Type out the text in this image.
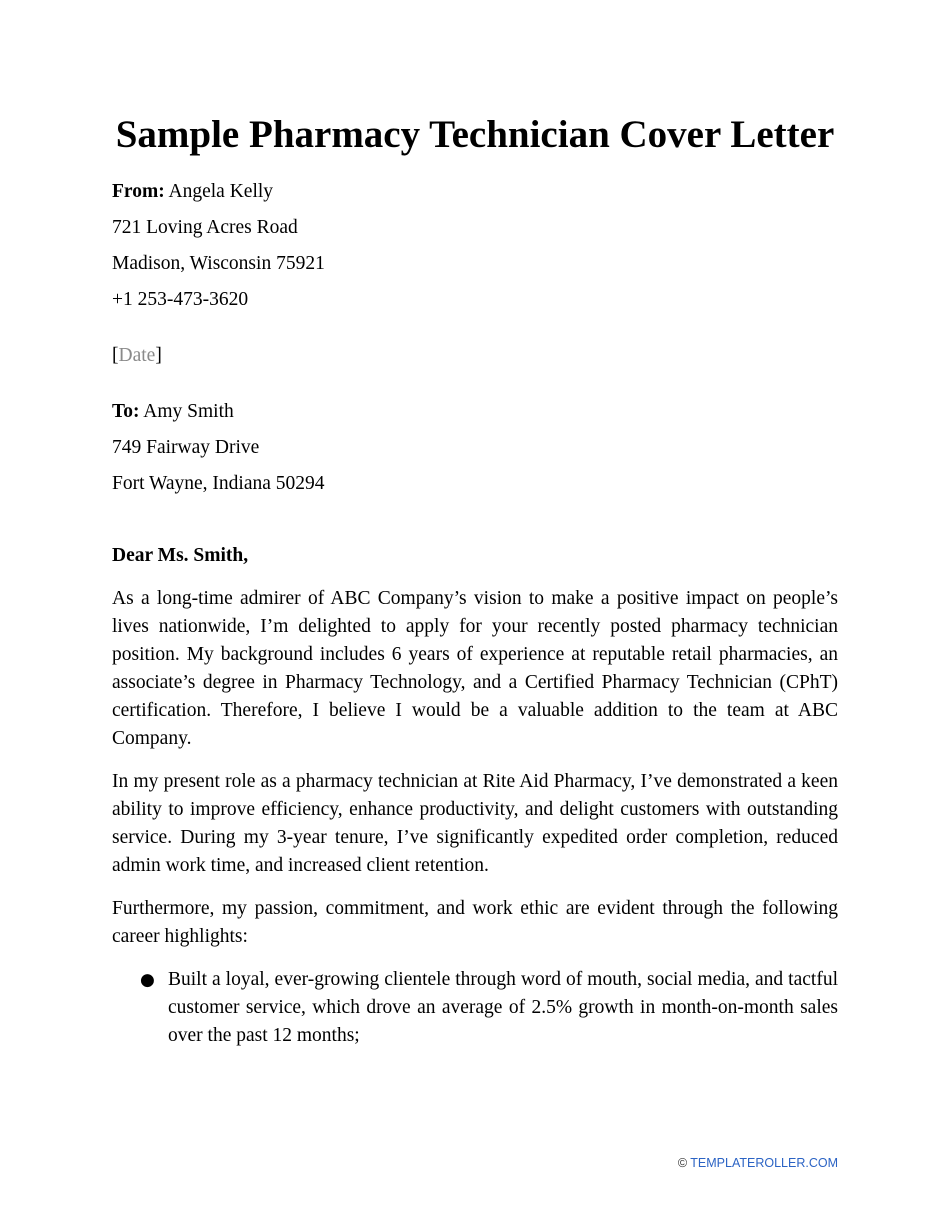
Sample Pharmacy Technician Cover Letter
From: Angela Kelly
721 Loving Acres Road
Madison, Wisconsin 75921
+1 253-473-3620
[Date]
To: Amy Smith
749 Fairway Drive
Fort Wayne, Indiana 50294

Dear Ms. Smith,

As a long-time admirer of ABC Company’s vision to make a positive impact on people’s lives nationwide, I’m delighted to apply for your recently posted pharmacy technician position. My background includes 6 years of experience at reputable retail pharmacies, an associate’s degree in Pharmacy Technology, and a Certified Pharmacy Technician (CPhT) certification. Therefore, I believe I would be a valuable addition to the team at ABC Company.

In my present role as a pharmacy technician at Rite Aid Pharmacy, I’ve demonstrated a keen ability to improve efficiency, enhance productivity, and delight customers with outstanding service. During my 3-year tenure, I’ve significantly expedited order completion, reduced admin work time, and increased client retention.

Furthermore, my passion, commitment, and work ethic are evident through the following career highlights:

● Built a loyal, ever-growing clientele through word of mouth, social media, and tactful customer service, which drove an average of 2.5% growth in month-on-month sales over the past 12 months;
© TEMPLATEROLLER.COM
